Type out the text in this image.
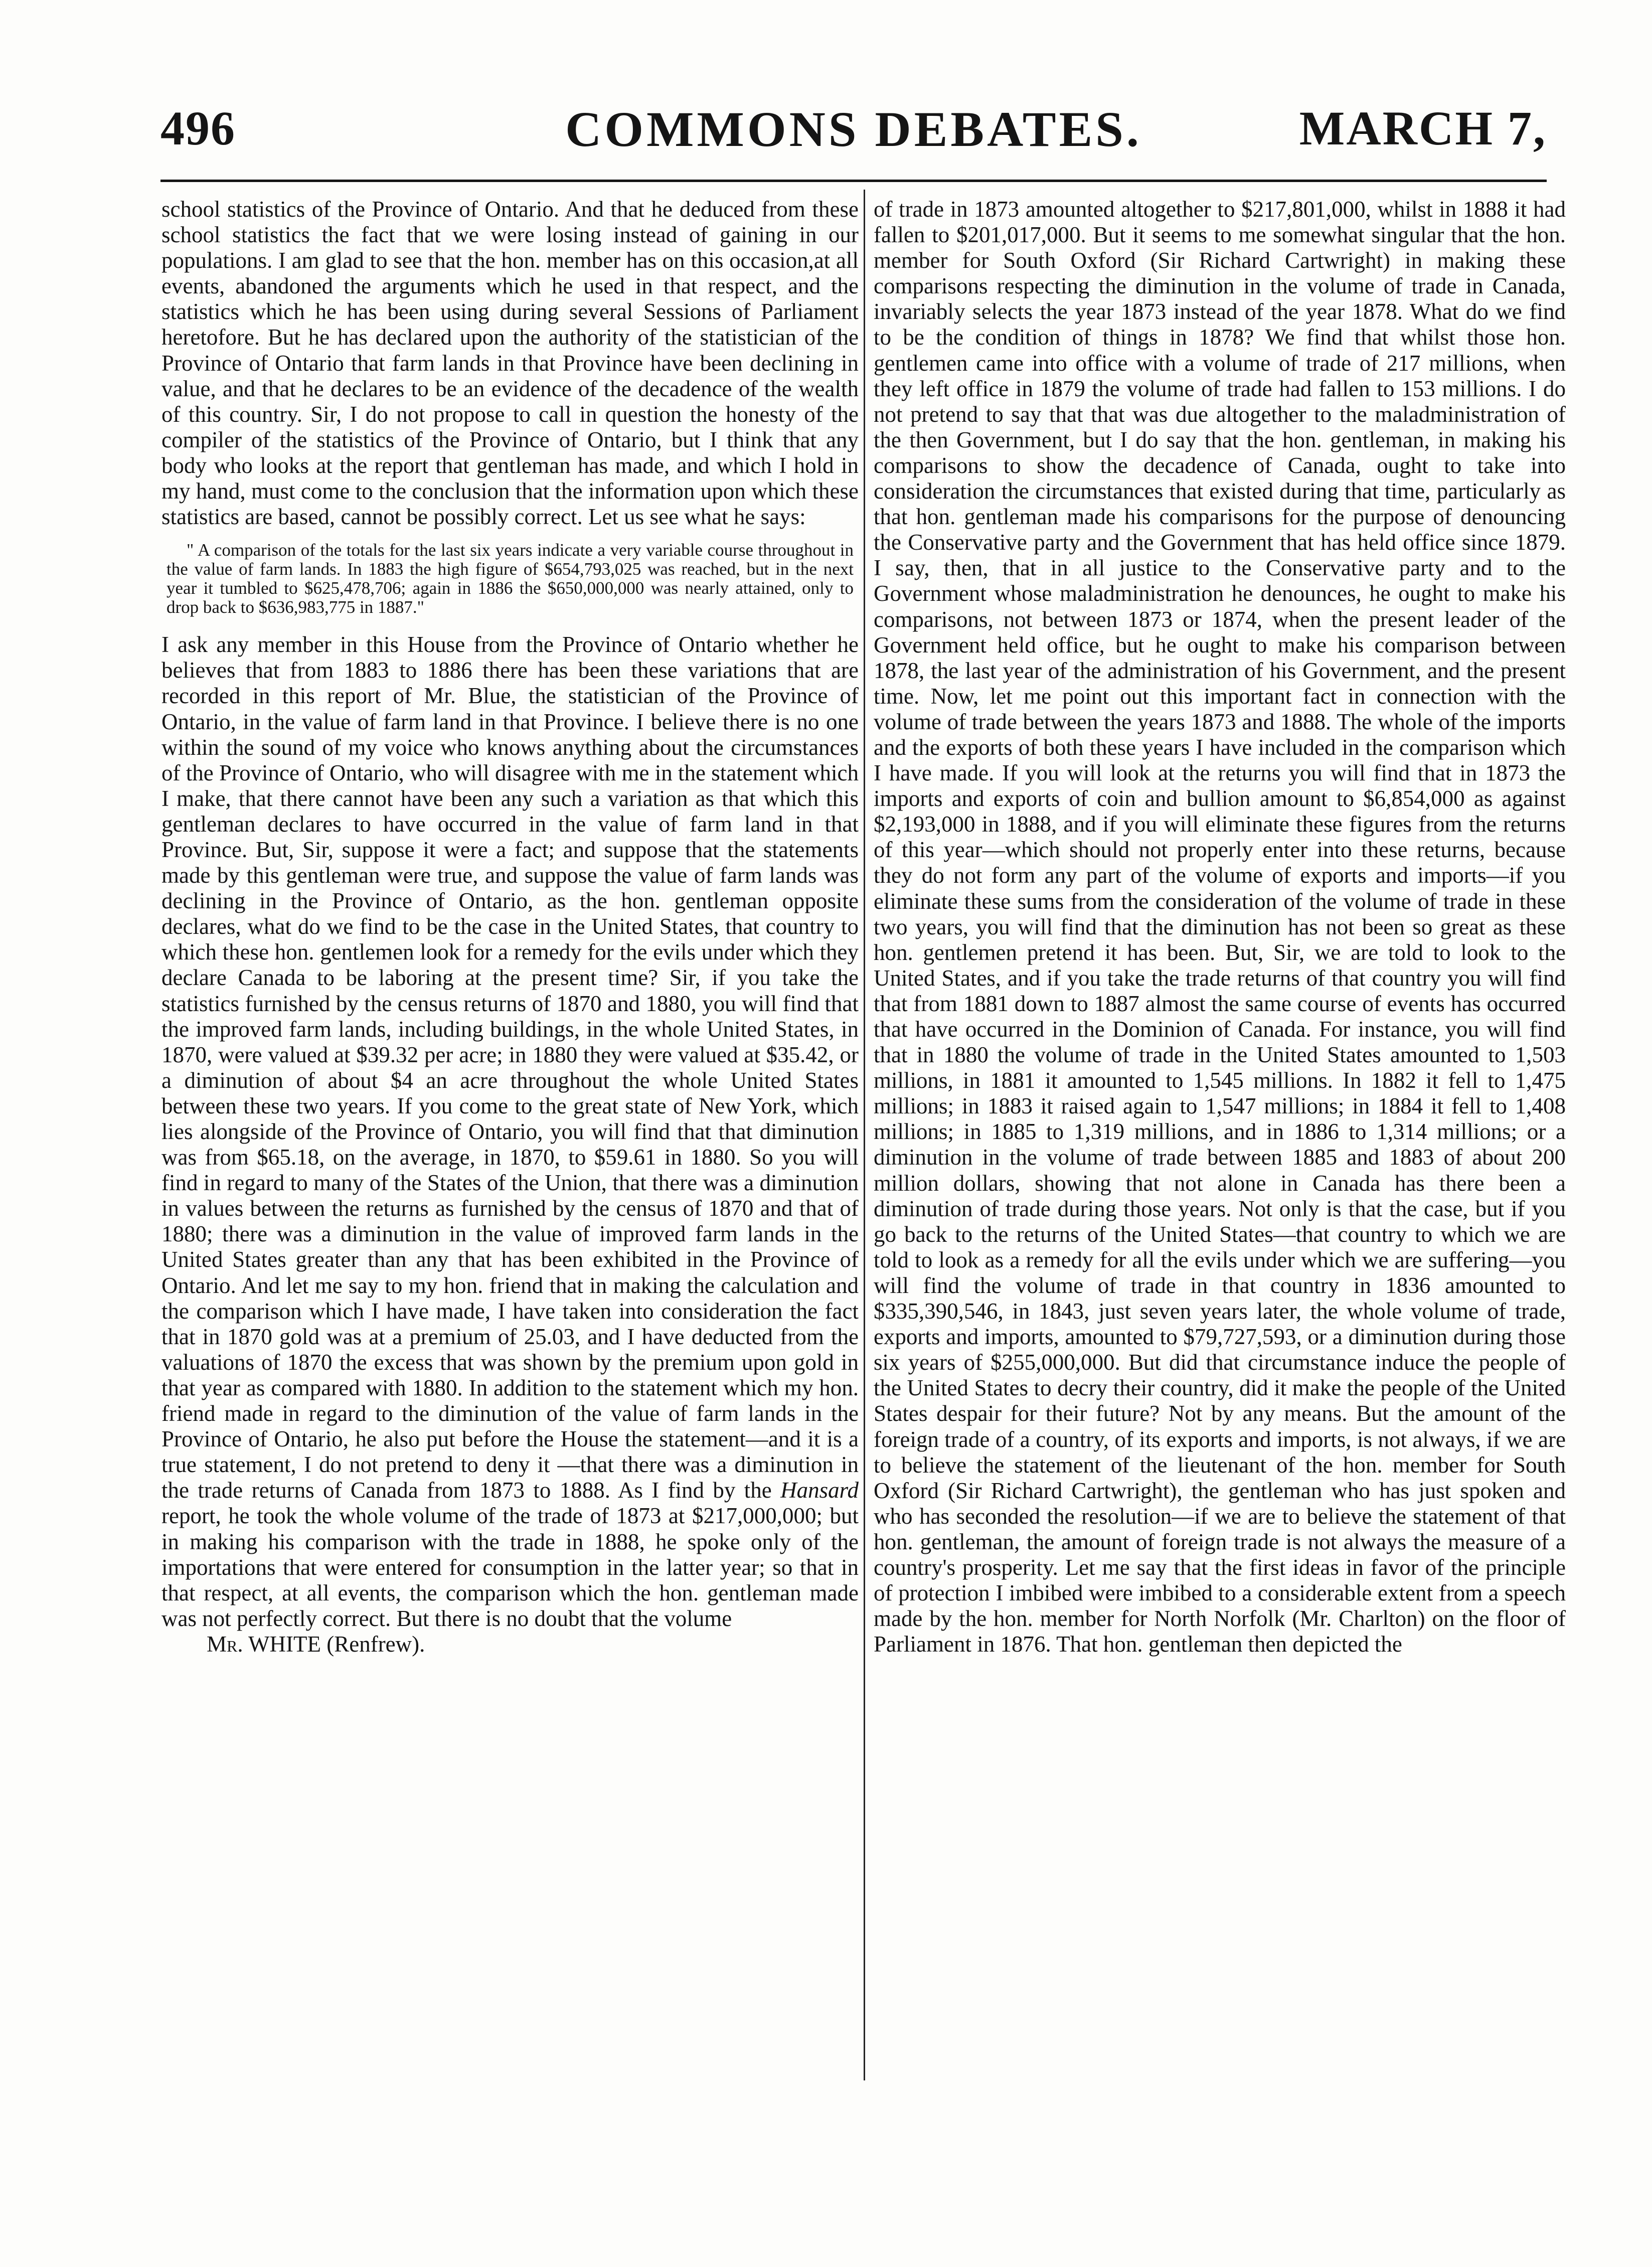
496	COMMONS DEBATES.	MARCH 7,

school statistics of the Province of Ontario. And that he deduced from these school statistics the fact that we were losing instead of gaining in our populations. I am glad to see that the hon. member has on this occasion,at all events, abandoned the arguments which he used in that respect, and the statistics which he has been using during several Sessions of Parliament heretofore. But he has declared upon the authority of the statistician of the Province of Ontario that farm lands in that Province have been declining in value, and that he declares to be an evidence of the decadence of the wealth of this country. Sir, I do not propose to call in question the honesty of the compiler of the statistics of the Province of Ontario, but I think that any body who looks at the report that gentleman has made, and which I hold in my hand, must come to the conclusion that the information upon which these statistics are based, cannot be possibly correct. Let us see what he says:

" A comparison of the totals for the last six years indicate a very variable course throughout in the value of farm lands. In 1883 the high figure of $654,793,025 was reached, but in the next year it tumbled to $625,478,706; again in 1886 the $650,000,000 was nearly attained, only to drop back to $636,983,775 in 1887."

I ask any member in this House from the Province of Ontario whether he believes that from 1883 to 1886 there has been these variations that are recorded in this report of Mr. Blue, the statistician of the Province of Ontario, in the value of farm land in that Province. I believe there is no one within the sound of my voice who knows anything about the circumstances of the Province of Ontario, who will disagree with me in the statement which I make, that there cannot have been any such a variation as that which this gentleman declares to have occurred in the value of farm land in that Province. But, Sir, suppose it were a fact; and suppose that the statements made by this gentleman were true, and suppose the value of farm lands was declining in the Province of Ontario, as the hon. gentleman opposite declares, what do we find to be the case in the United States, that country to which these hon. gentlemen look for a remedy for the evils under which they declare Canada to be laboring at the present time? Sir, if you take the statistics furnished by the census returns of 1870 and 1880, you will find that the improved farm lands, including buildings, in the whole United States, in 1870, were valued at $39.32 per acre; in 1880 they were valued at $35.42, or a diminution of about $4 an acre throughout the whole United States between these two years. If you come to the great state of New York, which lies alongside of the Province of Ontario, you will find that that diminution was from $65.18, on the average, in 1870, to $59.61 in 1880. So you will find in regard to many of the States of the Union, that there was a diminution in values between the returns as furnished by the census of 1870 and that of 1880; there was a diminution in the value of improved farm lands in the United States greater than any that has been exhibited in the Province of Ontario. And let me say to my hon. friend that in making the calculation and the comparison which I have made, I have taken into consideration the fact that in 1870 gold was at a premium of 25.03, and I have deducted from the valuations of 1870 the excess that was shown by the premium upon gold in that year as compared with 1880. In addition to the statement which my hon. friend made in regard to the diminution of the value of farm lands in the Province of Ontario, he also put before the House the statement—and it is a true statement, I do not pretend to deny it —that there was a diminution in the trade returns of Canada from 1873 to 1888. As I find by the Hansard report, he took the whole volume of the trade of 1873 at $217,000,000; but in making his comparison with the trade in 1888, he spoke only of the importations that were entered for consumption in the latter year; so that in that respect, at all events, the comparison which the hon. gentleman made was not perfectly correct. But there is no doubt that the volume

Mr. WHITE (Renfrew).

of trade in 1873 amounted altogether to $217,801,000, whilst in 1888 it had fallen to $201,017,000. But it seems to me somewhat singular that the hon. member for South Oxford (Sir Richard Cartwright) in making these comparisons respecting the diminution in the volume of trade in Canada, invariably selects the year 1873 instead of the year 1878. What do we find to be the condition of things in 1878? We find that whilst those hon. gentlemen came into office with a volume of trade of 217 millions, when they left office in 1879 the volume of trade had fallen to 153 millions. I do not pretend to say that that was due altogether to the maladministration of the then Government, but I do say that the hon. gentleman, in making his comparisons to show the decadence of Canada, ought to take into consideration the circumstances that existed during that time, particularly as that hon. gentleman made his comparisons for the purpose of denouncing the Conservative party and the Government that has held office since 1879. I say, then, that in all justice to the Conservative party and to the Government whose maladministration he denounces, he ought to make his comparisons, not between 1873 or 1874, when the present leader of the Government held office, but he ought to make his comparison between 1878, the last year of the administration of his Government, and the present time. Now, let me point out this important fact in connection with the volume of trade between the years 1873 and 1888. The whole of the imports and the exports of both these years I have included in the comparison which I have made. If you will look at the returns you will find that in 1873 the imports and exports of coin and bullion amount to $6,854,000 as against $2,193,000 in 1888, and if you will eliminate these figures from the returns of this year—which should not properly enter into these returns, because they do not form any part of the volume of exports and imports—if you eliminate these sums from the consideration of the volume of trade in these two years, you will find that the diminution has not been so great as these hon. gentlemen pretend it has been. But, Sir, we are told to look to the United States, and if you take the trade returns of that country you will find that from 1881 down to 1887 almost the same course of events has occurred that have occurred in the Dominion of Canada. For instance, you will find that in 1880 the volume of trade in the United States amounted to 1,503 millions, in 1881 it amounted to 1,545 millions. In 1882 it fell to 1,475 millions; in 1883 it raised again to 1,547 millions; in 1884 it fell to 1,408 millions; in 1885 to 1,319 millions, and in 1886 to 1,314 millions; or a diminution in the volume of trade between 1885 and 1883 of about 200 million dollars, showing that not alone in Canada has there been a diminution of trade during those years. Not only is that the case, but if you go back to the returns of the United States—that country to which we are told to look as a remedy for all the evils under which we are suffering—you will find the volume of trade in that country in 1836 amounted to $335,390,546, in 1843, just seven years later, the whole volume of trade, exports and imports, amounted to $79,727,593, or a diminution during those six years of $255,000,000. But did that circumstance induce the people of the United States to decry their country, did it make the people of the United States despair for their future? Not by any means. But the amount of the foreign trade of a country, of its exports and imports, is not always, if we are to believe the statement of the lieutenant of the hon. member for South Oxford (Sir Richard Cartwright), the gentleman who has just spoken and who has seconded the resolution—if we are to believe the statement of that hon. gentleman, the amount of foreign trade is not always the measure of a country's prosperity. Let me say that the first ideas in favor of the principle of protection I imbibed were imbibed to a considerable extent from a speech made by the hon. member for North Norfolk (Mr. Charlton) on the floor of Parliament in 1876. That hon. gentleman then depicted the
